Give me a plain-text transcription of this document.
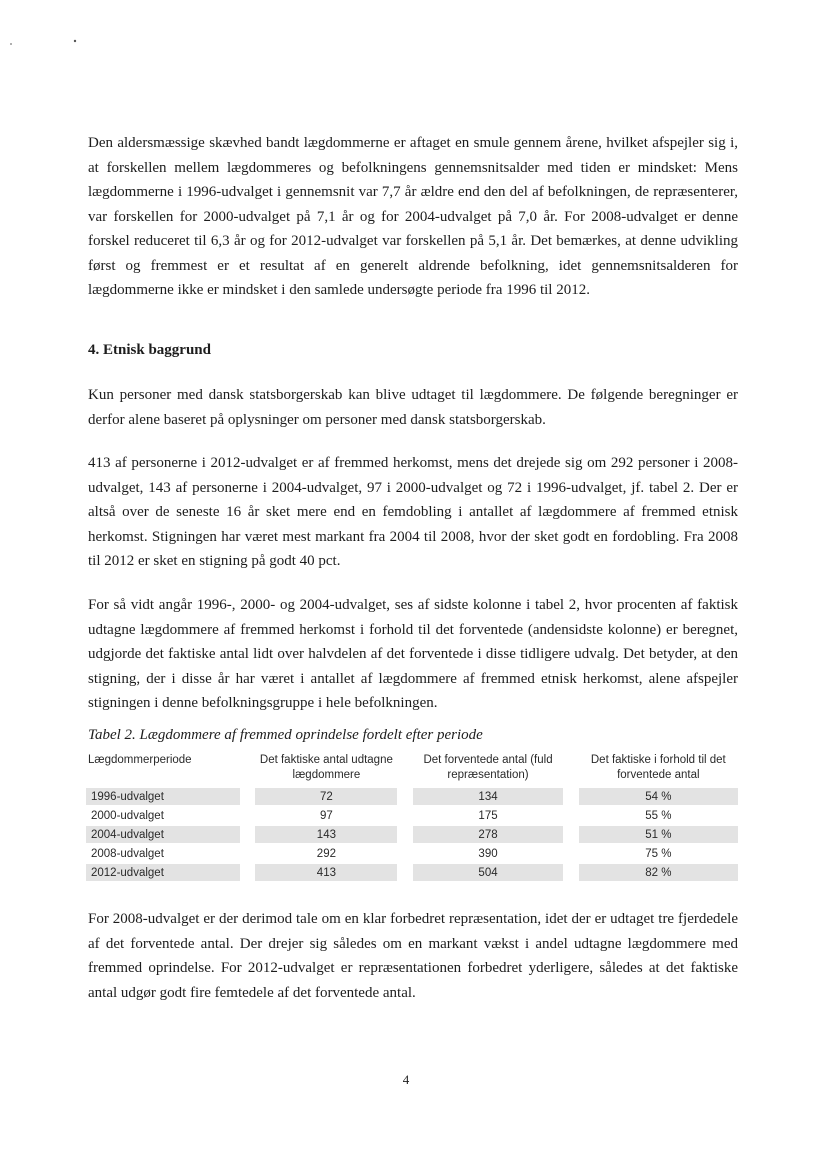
Den aldersmæssige skævhed bandt lægdommerne er aftaget en smule gennem årene, hvilket afspejler sig i, at forskellen mellem lægdommeres og befolkningens gennemsnitsalder med tiden er mindsket: Mens lægdommerne i 1996-udvalget i gennemsnit var 7,7 år ældre end den del af befolkningen, de repræsenterer, var forskellen for 2000-udvalget på 7,1 år og for 2004-udvalget på 7,0 år. For 2008-udvalget er denne forskel reduceret til 6,3 år og for 2012-udvalget var forskellen på 5,1 år. Det bemærkes, at denne udvikling først og fremmest er et resultat af en generelt aldrende befolkning, idet gennemsnitsalderen for lægdommerne ikke er mindsket i den samlede undersøgte periode fra 1996 til 2012.

4. Etnisk baggrund

Kun personer med dansk statsborgerskab kan blive udtaget til lægdommere. De følgende beregninger er derfor alene baseret på oplysninger om personer med dansk statsborgerskab.

413 af personerne i 2012-udvalget er af fremmed herkomst, mens det drejede sig om 292 personer i 2008-udvalget, 143 af personerne i 2004-udvalget, 97 i 2000-udvalget og 72 i 1996-udvalget, jf. tabel 2. Der er altså over de seneste 16 år sket mere end en femdobling i antallet af lægdommere af fremmed etnisk herkomst. Stigningen har været mest markant fra 2004 til 2008, hvor der sket godt en fordobling. Fra 2008 til 2012 er sket en stigning på godt 40 pct.

For så vidt angår 1996-, 2000- og 2004-udvalget, ses af sidste kolonne i tabel 2, hvor procenten af faktisk udtagne lægdommere af fremmed herkomst i forhold til det forventede (andensidste kolonne) er beregnet, udgjorde det faktiske antal lidt over halvdelen af det forventede i disse tidligere udvalg. Det betyder, at den stigning, der i disse år har været i antallet af lægdommere af fremmed etnisk herkomst, alene afspejler stigningen i denne befolkningsgruppe i hele befolkningen.

Tabel 2. Lægdommere af fremmed oprindelse fordelt efter periode

Lægdommerperiode		Det faktiske antal udtagne lægdommere		Det forventede antal (fuld repræsentation)		Det faktiske i forhold til det forventede antal
1996-udvalget		72		134		54 %
2000-udvalget		97		175		55 %
2004-udvalget		143		278		51 %
2008-udvalget		292		390		75 %
2012-udvalget		413		504		82 %

For 2008-udvalget er der derimod tale om en klar forbedret repræsentation, idet der er udtaget tre fjerdedele af det forventede antal. Der drejer sig således om en markant vækst i andel udtagne lægdommere med fremmed oprindelse. For 2012-udvalget er repræsentationen forbedret yderligere, således at det faktiske antal udgør godt fire femtedele af det forventede antal.

4
